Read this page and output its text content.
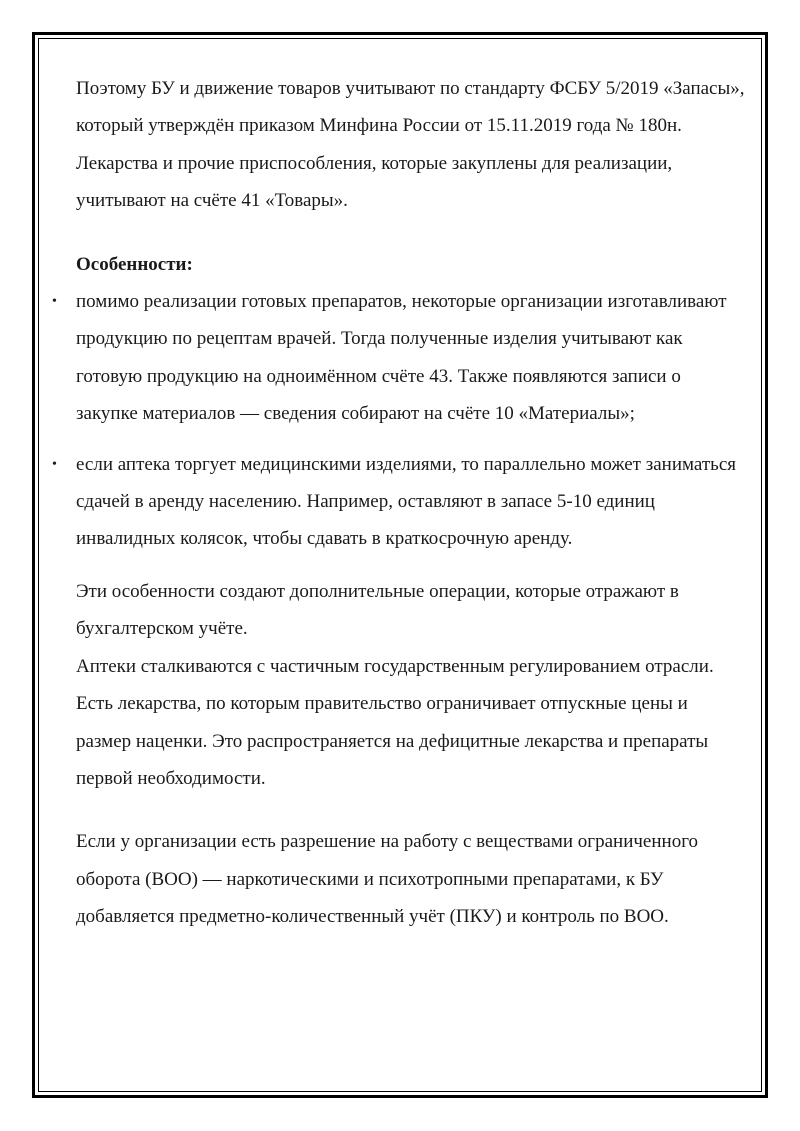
Поэтому БУ и движение товаров учитывают по стандарту ФСБУ 5/2019 «Запасы», который утверждён приказом Минфина России от 15.11.2019 года № 180н. Лекарства и прочие приспособления, которые закуплены для реализации, учитывают на счёте 41 «Товары».

Особенности:

• помимо реализации готовых препаратов, некоторые организации изготавливают продукцию по рецептам врачей. Тогда полученные изделия учитывают как готовую продукцию на одноимённом счёте 43. Также появляются записи о закупке материалов — сведения собирают на счёте 10 «Материалы»;
• если аптека торгует медицинскими изделиями, то параллельно может заниматься сдачей в аренду населению. Например, оставляют в запасе 5-10 единиц инвалидных колясок, чтобы сдавать в краткосрочную аренду.

Эти особенности создают дополнительные операции, которые отражают в бухгалтерском учёте.

Аптеки сталкиваются с частичным государственным регулированием отрасли. Есть лекарства, по которым правительство ограничивает отпускные цены и размер наценки. Это распространяется на дефицитные лекарства и препараты первой необходимости.

Если у организации есть разрешение на работу с веществами ограниченного оборота (ВОО) — наркотическими и психотропными препаратами, к БУ добавляется предметно-количественный учёт (ПКУ) и контроль по ВОО.
